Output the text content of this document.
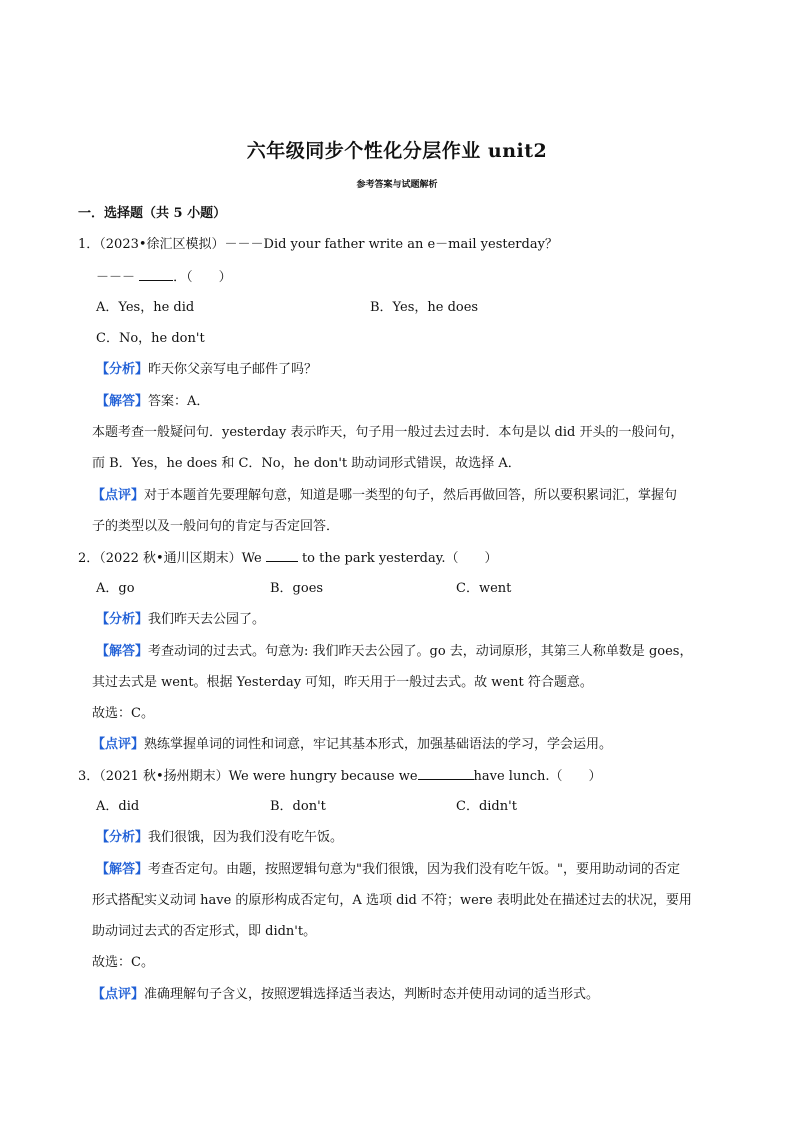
六年级同步个性化分层作业 unit2
参考答案与试题解析
一．选择题（共 5 小题）
1．（2023•徐汇区模拟）－－－Did your father write an e－mail yesterday？
－－－	．（　　）
A．Yes，he did	B．Yes，he does
C．No，he don't
【分析】昨天你父亲写电子邮件了吗？
【解答】答案：A．
本题考查一般疑问句．yesterday 表示昨天，句子用一般过去过去时．本句是以 did 开头的一般问句，
而 B．Yes，he does 和 C．No，he don't 助动词形式错误，故选择 A．
【点评】对于本题首先要理解句意，知道是哪一类型的句子，然后再做回答，所以要积累词汇，掌握句
子的类型以及一般问句的肯定与否定回答．
2．（2022 秋•通川区期末）We	to the park yesterday.（　　）
A．go	B．goes	C．went
【分析】我们昨天去公园了。
【解答】考查动词的过去式。句意为: 我们昨天去公园了。go 去，动词原形，其第三人称单数是 goes，
其过去式是 went。根据 Yesterday 可知，昨天用于一般过去式。故 went 符合题意。
故选：C。
【点评】熟练掌握单词的词性和词意，牢记其基本形式，加强基础语法的学习，学会运用。
3．（2021 秋•扬州期末）We were hungry because we	have lunch.（　　）
A．did	B．don't	C．didn't
【分析】我们很饿，因为我们没有吃午饭。
【解答】考查否定句。由题，按照逻辑句意为"我们很饿，因为我们没有吃午饭。"，要用助动词的否定
形式搭配实义动词 have 的原形构成否定句，A 选项 did 不符；were 表明此处在描述过去的状况，要用
助动词过去式的否定形式，即 didn't。
故选：C。
【点评】准确理解句子含义，按照逻辑选择适当表达，判断时态并使用动词的适当形式。
